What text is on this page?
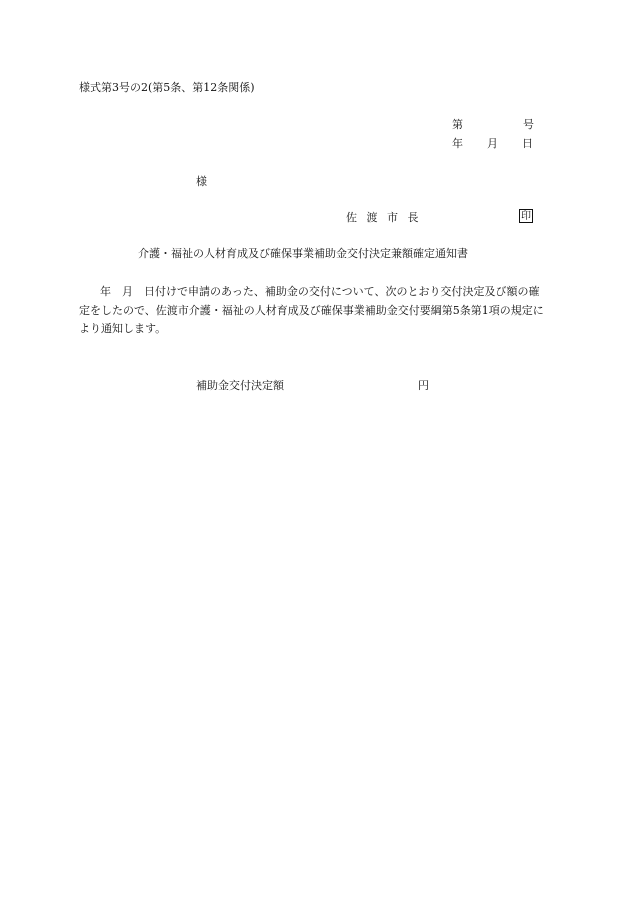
様式第3号の2(第5条、第12条関係)
第	号
年 月 日
様
佐 渡 市 長	印
介護・福祉の人材育成及び確保事業補助金交付決定兼額確定通知書
年　月　日付けで申請のあった、補助金の交付について、次のとおり交付決定及び額の確定をしたので、佐渡市介護・福祉の人材育成及び確保事業補助金交付要綱第5条第1項の規定により通知します。
補助金交付決定額	円
